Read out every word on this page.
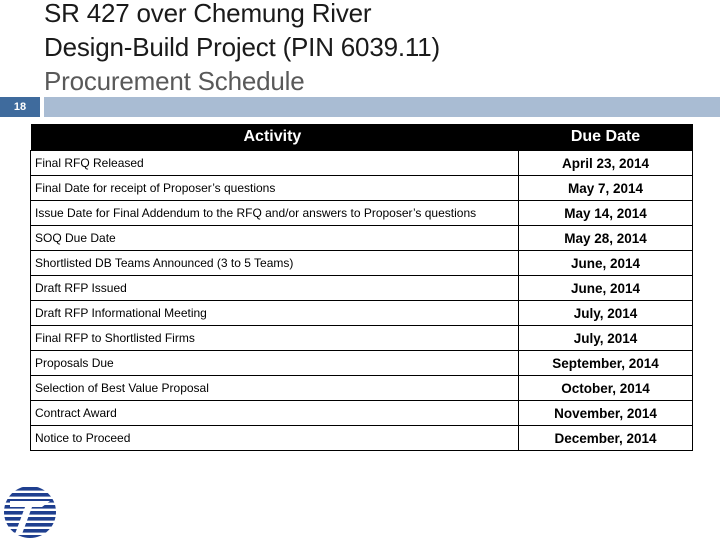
SR 427 over Chemung River
Design-Build Project (PIN 6039.11)
Procurement Schedule
18
Activity	Due Date
Final RFQ Released	April 23, 2014
Final Date for receipt of Proposer’s questions	May 7, 2014
Issue Date for Final Addendum to the RFQ and/or answers to Proposer’s questions	May 14, 2014
SOQ Due Date	May 28, 2014
Shortlisted DB Teams Announced (3 to 5 Teams)	June, 2014
Draft RFP Issued	June, 2014
Draft RFP Informational Meeting	July, 2014
Final RFP to Shortlisted Firms	July, 2014
Proposals Due	September, 2014
Selection of Best Value Proposal	October, 2014
Contract Award	November, 2014
Notice to Proceed	December, 2014
